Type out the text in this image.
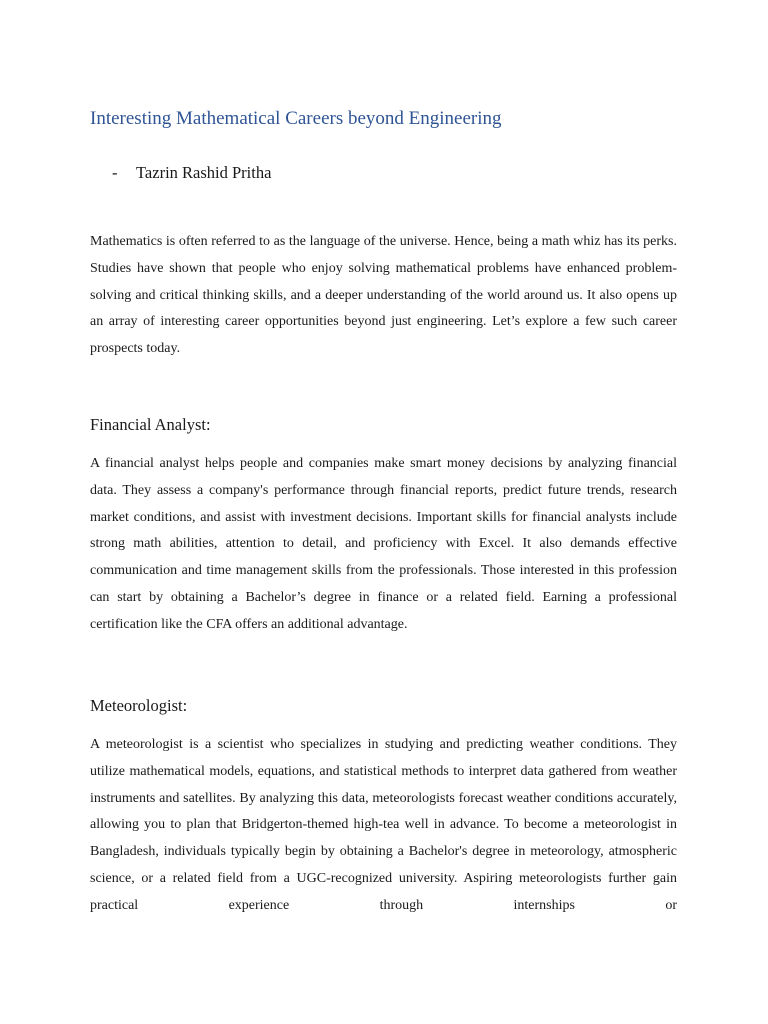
Interesting Mathematical Careers beyond Engineering
- Tazrin Rashid Pritha

Mathematics is often referred to as the language of the universe. Hence, being a math whiz has its perks. Studies have shown that people who enjoy solving mathematical problems have enhanced problem-solving and critical thinking skills, and a deeper understanding of the world around us. It also opens up an array of interesting career opportunities beyond just engineering. Let’s explore a few such career prospects today.

Financial Analyst:

A financial analyst helps people and companies make smart money decisions by analyzing financial data. They assess a company's performance through financial reports, predict future trends, research market conditions, and assist with investment decisions. Important skills for financial analysts include strong math abilities, attention to detail, and proficiency with Excel. It also demands effective communication and time management skills from the professionals. Those interested in this profession can start by obtaining a Bachelor’s degree in finance or a related field. Earning a professional certification like the CFA offers an additional advantage.

Meteorologist:

A meteorologist is a scientist who specializes in studying and predicting weather conditions. They utilize mathematical models, equations, and statistical methods to interpret data gathered from weather instruments and satellites. By analyzing this data, meteorologists forecast weather conditions accurately, allowing you to plan that Bridgerton-themed high-tea well in advance. To become a meteorologist in Bangladesh, individuals typically begin by obtaining a Bachelor's degree in meteorology, atmospheric science, or a related field from a UGC-recognized university. Aspiring meteorologists further gain practical experience through internships or
